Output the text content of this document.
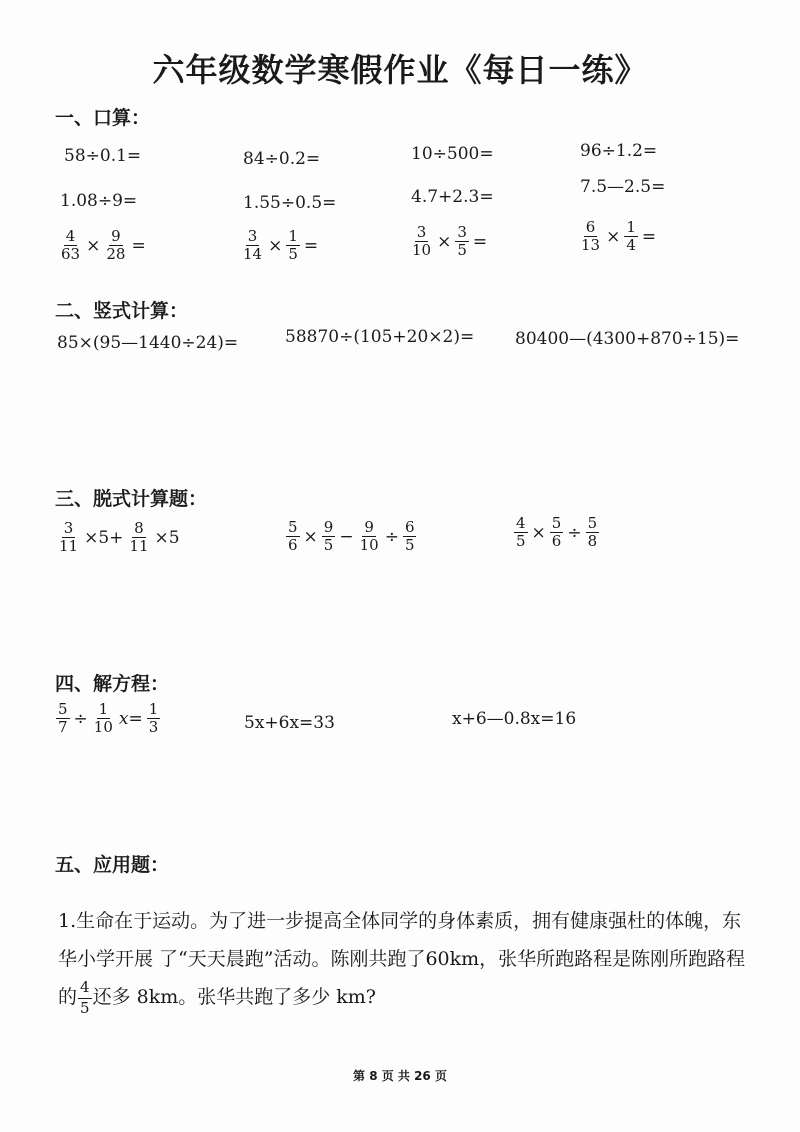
六年级数学寒假作业《每日一练》
一、口算：
58÷0.1=	84÷0.2=	10÷500=	96÷1.2=
1.08÷9=	1.55÷0.5=	4.7+2.3=	7.5—2.5=
$\frac{4}{63} \times \frac{9}{28}$ =	$\frac{3}{14} \times \frac{1}{5}$ =	$\frac{3}{10} \times \frac{3}{5}$ =	$\frac{6}{13} \times \frac{1}{4}$ =
二、竖式计算：
85×(95—1440÷24)=	58870÷(105+20×2)= 80400—(4300+870÷15)=
三、脱式计算题：
$\frac{3}{11} \times 5+ \frac{8}{11} \times 5$	$\frac{5}{6} \times \frac{9}{5} - \frac{9}{10} \div \frac{6}{5}$	$\frac{4}{5} \times \frac{5}{6} \div \frac{5}{8}$
四、解方程：
$\frac{5}{7} \div \frac{1}{10} x= \frac{1}{3}$	5x+6x=33	x+6—0.8x=16
五、应用题：
1.生命在于运动。为了进一步提高全体同学的身体素质，拥有健康强杜的体魄，东华小学开展 了“天天晨跑”活动。陈刚共跑了60km，张华所跑路程是陈刚所跑路程的 $\frac{4}{5}$ 还多 8km。张华共跑了多少 km?
第 8 页 共 26 页
